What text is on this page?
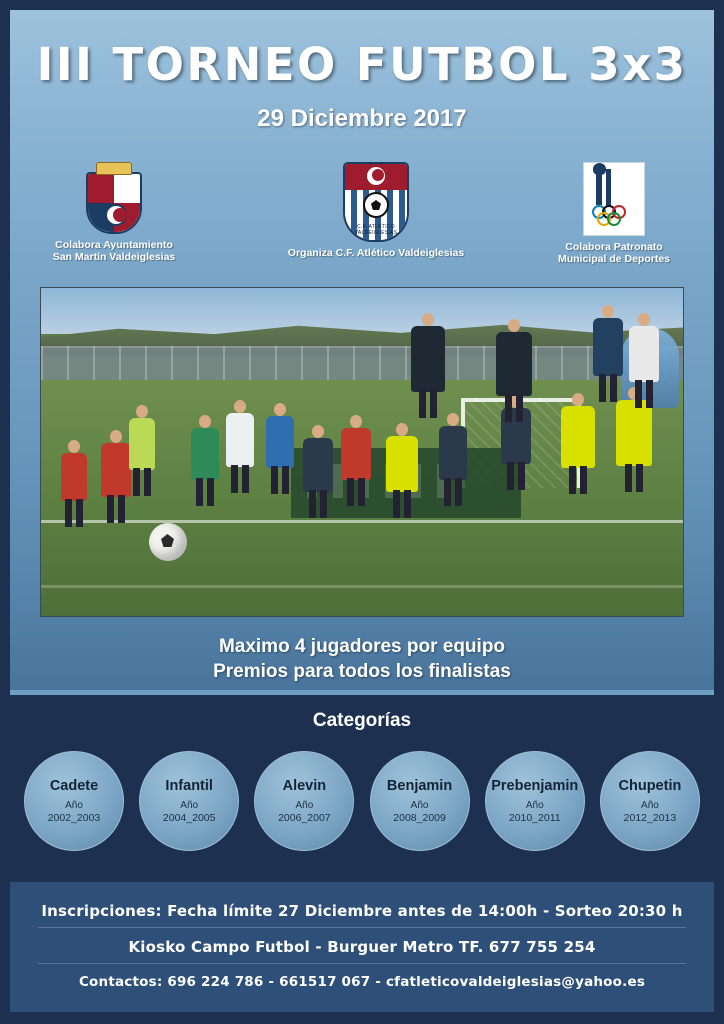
III TORNEO FUTBOL 3x3
29 Diciembre 2017
Colabora Ayuntamiento
San Martín Valdeiglesias
C.F. ATLETICO VALDEIGLESIAS
Organiza C.F. Atlético Valdeiglesias	Colabora Patronato
Municipal de Deportes
Maximo 4 jugadores por equipo
Premios para todos los finalistas
Categorías
Cadete
Año
2002_2003
Infantil
Año
2004_2005
Alevin
Año
2006_2007
Benjamin
Año
2008_2009
Prebenjamin
Año
2010_2011
Chupetin
Año
2012_2013
Inscripciones: Fecha límite 27 Diciembre antes de 14:00h - Sorteo 20:30 h
Kiosko Campo Futbol - Burguer Metro TF. 677 755 254
Contactos: 696 224 786 - 661517 067 - cfatleticovaldeiglesias@yahoo.es
